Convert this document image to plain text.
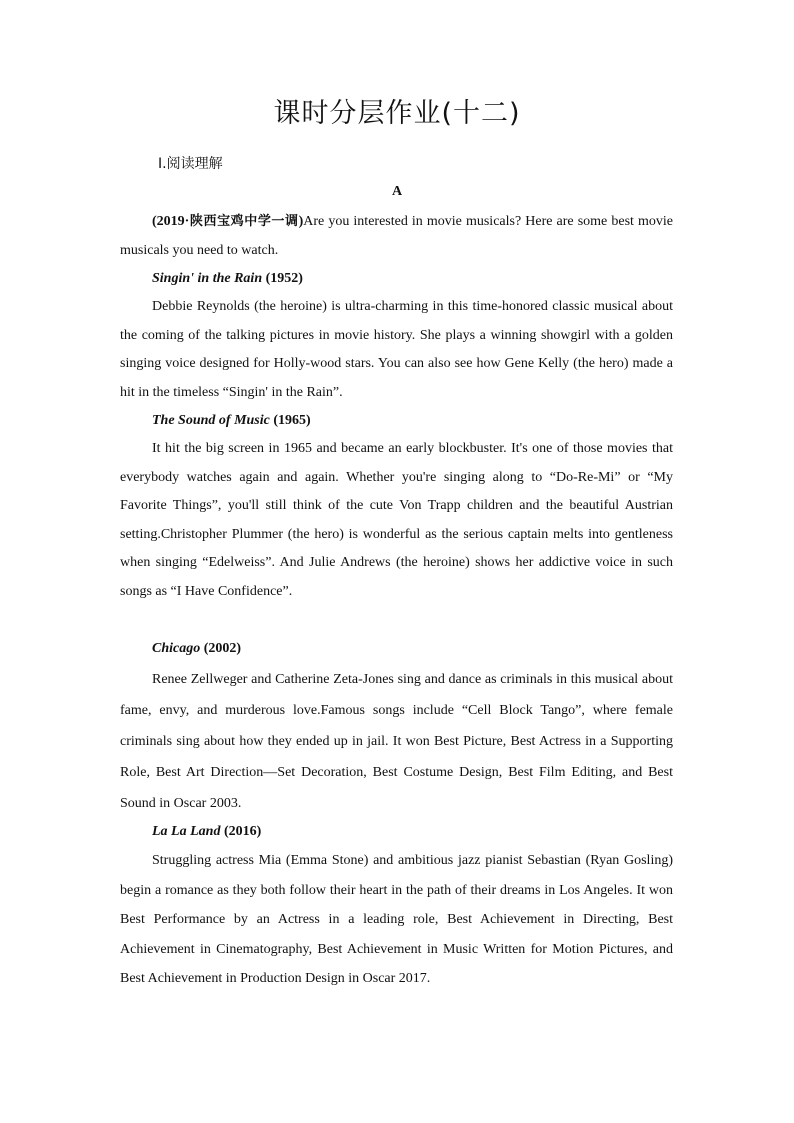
课时分层作业(十二)
Ⅰ.阅读理解
A
(2019·陕西宝鸡中学一调)Are you interested in movie musicals? Here are some best movie musicals you need to watch.
Singin' in the Rain (1952)
Debbie Reynolds (the heroine) is ultra-charming in this time-honored classic musical about the coming of the talking pictures in movie history. She plays a winning showgirl with a golden singing voice designed for Holly-wood stars. You can also see how Gene Kelly (the hero) made a hit in the timeless “Singin' in the Rain”.
The Sound of Music (1965)
It hit the big screen in 1965 and became an early blockbuster. It's one of those movies that everybody watches again and again. Whether you're singing along to “Do-Re-Mi” or “My Favorite Things”, you'll still think of the cute Von Trapp children and the beautiful Austrian setting.Christopher Plummer (the hero) is wonderful as the serious captain melts into gentleness when singing “Edelweiss”. And Julie Andrews (the heroine) shows her addictive voice in such songs as “I Have Confidence”.
Chicago (2002)
Renee Zellweger and Catherine Zeta-Jones sing and dance as criminals in this musical about fame, envy, and murderous love.Famous songs include “Cell Block Tango”, where female criminals sing about how they ended up in jail. It won Best Picture, Best Actress in a Supporting Role, Best Art Direction—Set Decoration, Best Costume Design, Best Film Editing, and Best Sound in Oscar 2003.
La La Land (2016)
Struggling actress Mia (Emma Stone) and ambitious jazz pianist Sebastian (Ryan Gosling) begin a romance as they both follow their heart in the path of their dreams in Los Angeles. It won Best Performance by an Actress in a leading role, Best Achievement in Directing, Best Achievement in Cinematography, Best Achievement in Music Written for Motion Pictures, and Best Achievement in Production Design in Oscar 2017.
